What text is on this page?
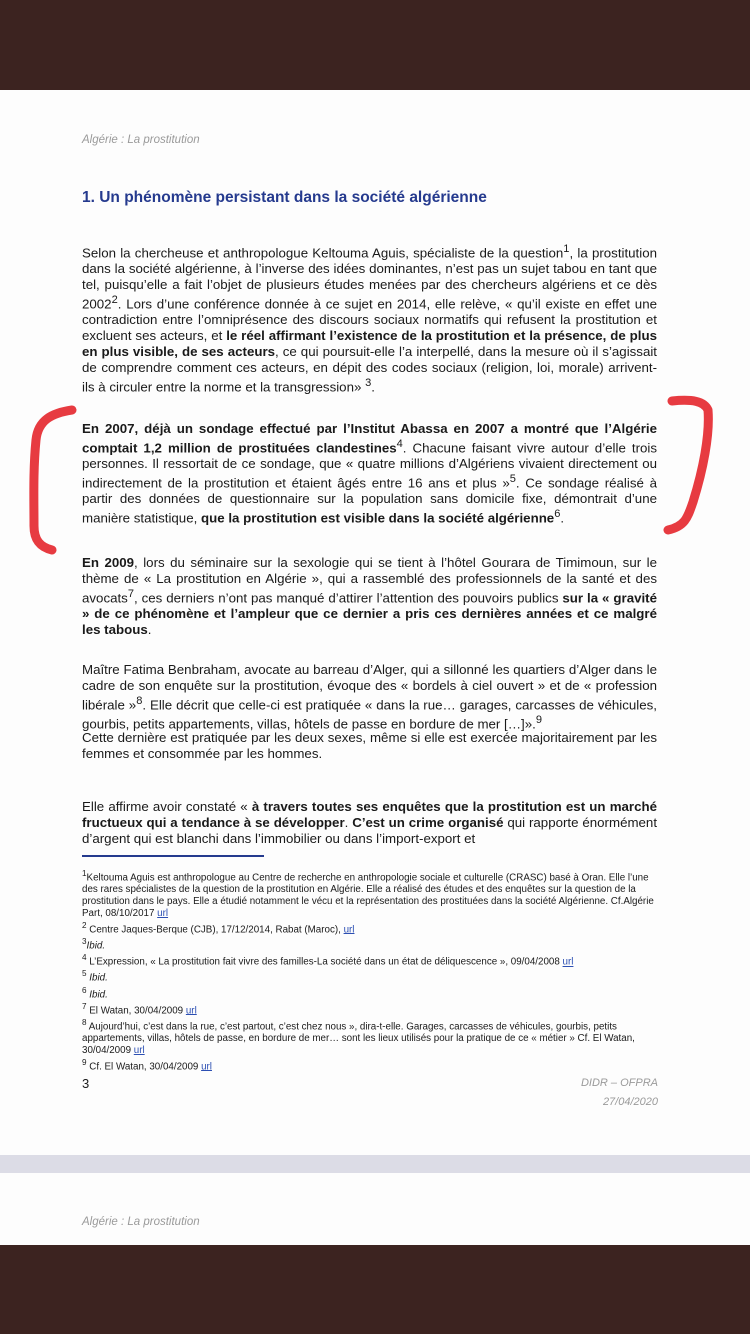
Algérie : La prostitution

1. Un phénomène persistant dans la société algérienne

Selon la chercheuse et anthropologue Keltouma Aguis, spécialiste de la question$^1$, la prostitution dans la société algérienne, à l’inverse des idées dominantes, n’est pas un sujet tabou en tant que tel, puisqu’elle a fait l’objet de plusieurs études menées par des chercheurs algériens et ce dès 2002$^2$. Lors d’une conférence donnée à ce sujet en 2014, elle relève, « qu’il existe en effet une contradiction entre l’omniprésence des discours sociaux normatifs qui refusent la prostitution et excluent ses acteurs, et le réel affirmant l’existence de la prostitution et la présence, de plus en plus visible, de ses acteurs, ce qui poursuit-elle l’a interpellé, dans la mesure où il s’agissait de comprendre comment ces acteurs, en dépit des codes sociaux (religion, loi, morale) arrivent-ils à circuler entre la norme et la transgression» $^3$.

En 2007, déjà un sondage effectué par l’Institut Abassa en 2007 a montré que l’Algérie comptait 1,2 million de prostituées clandestines$^4$. Chacune faisant vivre autour d’elle trois personnes. Il ressortait de ce sondage, que « quatre millions d’Algériens vivaient directement ou indirectement de la prostitution et étaient âgés entre 16 ans et plus »$^5$. Ce sondage réalisé à partir des données de questionnaire sur la population sans domicile fixe, démontrait d’une manière statistique, que la prostitution est visible dans la société algérienne$^6$.

En 2009, lors du séminaire sur la sexologie qui se tient à l’hôtel Gourara de Timimoun, sur le thème de « La prostitution en Algérie », qui a rassemblé des professionnels de la santé et des avocats$^7$, ces derniers n’ont pas manqué d’attirer l’attention des pouvoirs publics sur la « gravité » de ce phénomène et l’ampleur que ce dernier a pris ces dernières années et ce malgré les tabous.

Maître Fatima Benbraham, avocate au barreau d’Alger, qui a sillonné les quartiers d’Alger dans le cadre de son enquête sur la prostitution, évoque des « bordels à ciel ouvert » et de « profession libérale »$^8$. Elle décrit que celle-ci est pratiquée « dans la rue… garages, carcasses de véhicules, gourbis, petits appartements, villas, hôtels de passe en bordure de mer […]».$^9$

Cette dernière est pratiquée par les deux sexes, même si elle est exercée majoritairement par les femmes et consommée par les hommes.

Elle affirme avoir constaté « à travers toutes ses enquêtes que la prostitution est un marché fructueux qui a tendance à se développer. C’est un crime organisé qui rapporte énormément d’argent qui est blanchi dans l’immobilier ou dans l’import-export et

$^1$Keltouma Aguis est anthropologue au Centre de recherche en anthropologie sociale et culturelle (CRASC) basé à Oran. Elle l’une des rares spécialistes de la question de la prostitution en Algérie. Elle a réalisé des études et des enquêtes sur la question de la prostitution dans le pays. Elle a étudié notamment le vécu et la représentation des prostituées dans la société Algérienne. Cf.Algérie Part, 08/10/2017 url

$^2$ Centre Jaques-Berque (CJB), 17/12/2014, Rabat (Maroc), url

$^3$Ibid.

$^4$ L’Expression, « La prostitution fait vivre des familles-La société dans un état de déliquescence », 09/04/2008 url

$^5$ Ibid.

$^6$ Ibid.

$^7$ El Watan, 30/04/2009 url

$^8$ Aujourd’hui, c’est dans la rue, c’est partout, c’est chez nous », dira-t-elle. Garages, carcasses de véhicules, gourbis, petits appartements, villas, hôtels de passe, en bordure de mer… sont les lieux utilisés pour la pratique de ce « métier » Cf. El Watan, 30/04/2009 url

$^9$ Cf. El Watan, 30/04/2009 url

3	DIDR – OFPRA

27/04/2020

Algérie : La prostitution
